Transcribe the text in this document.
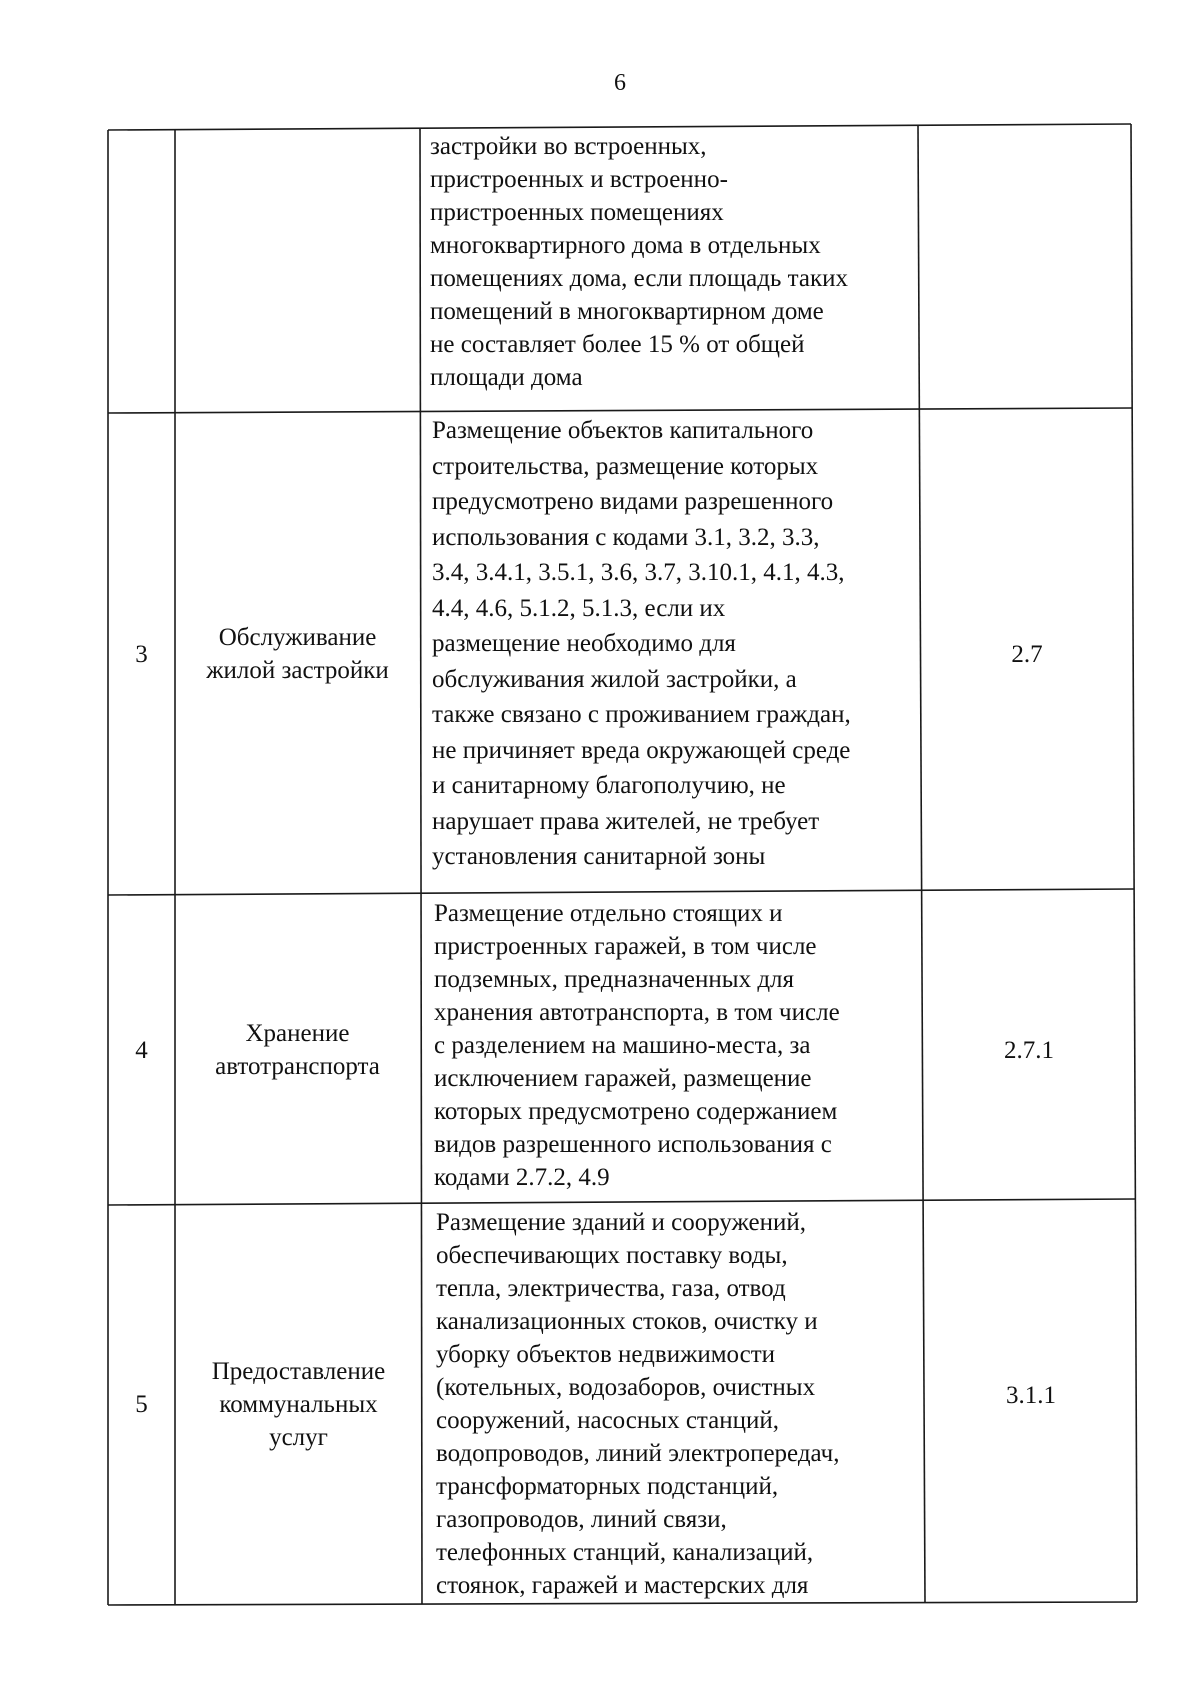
6
застройки во встроенных,
пристроенных и встроенно-
пристроенных помещениях
многоквартирного дома в отдельных
помещениях дома, если площадь таких
помещений в многоквартирном доме
не составляет более 15 % от общей
площади дома
3
Обслуживание
жилой застройки
Размещение объектов капитального
строительства, размещение которых
предусмотрено видами разрешенного
использования с кодами 3.1, 3.2, 3.3,
3.4, 3.4.1, 3.5.1, 3.6, 3.7, 3.10.1, 4.1, 4.3,
4.4, 4.6, 5.1.2, 5.1.3, если их
размещение необходимо для
обслуживания жилой застройки, а
также связано с проживанием граждан,
не причиняет вреда окружающей среде
и санитарному благополучию, не
нарушает права жителей, не требует
установления санитарной зоны
2.7
4
Хранение
автотранспорта
Размещение отдельно стоящих и
пристроенных гаражей, в том числе
подземных, предназначенных для
хранения автотранспорта, в том числе
с разделением на машино-места, за
исключением гаражей, размещение
которых предусмотрено содержанием
видов разрешенного использования с
кодами 2.7.2, 4.9
2.7.1
5
Предоставление
коммунальных
услуг
Размещение зданий и сооружений,
обеспечивающих поставку воды,
тепла, электричества, газа, отвод
канализационных стоков, очистку и
уборку объектов недвижимости
(котельных, водозаборов, очистных
сооружений, насосных станций,
водопроводов, линий электропередач,
трансформаторных подстанций,
газопроводов, линий связи,
телефонных станций, канализаций,
стоянок, гаражей и мастерских для
3.1.1
